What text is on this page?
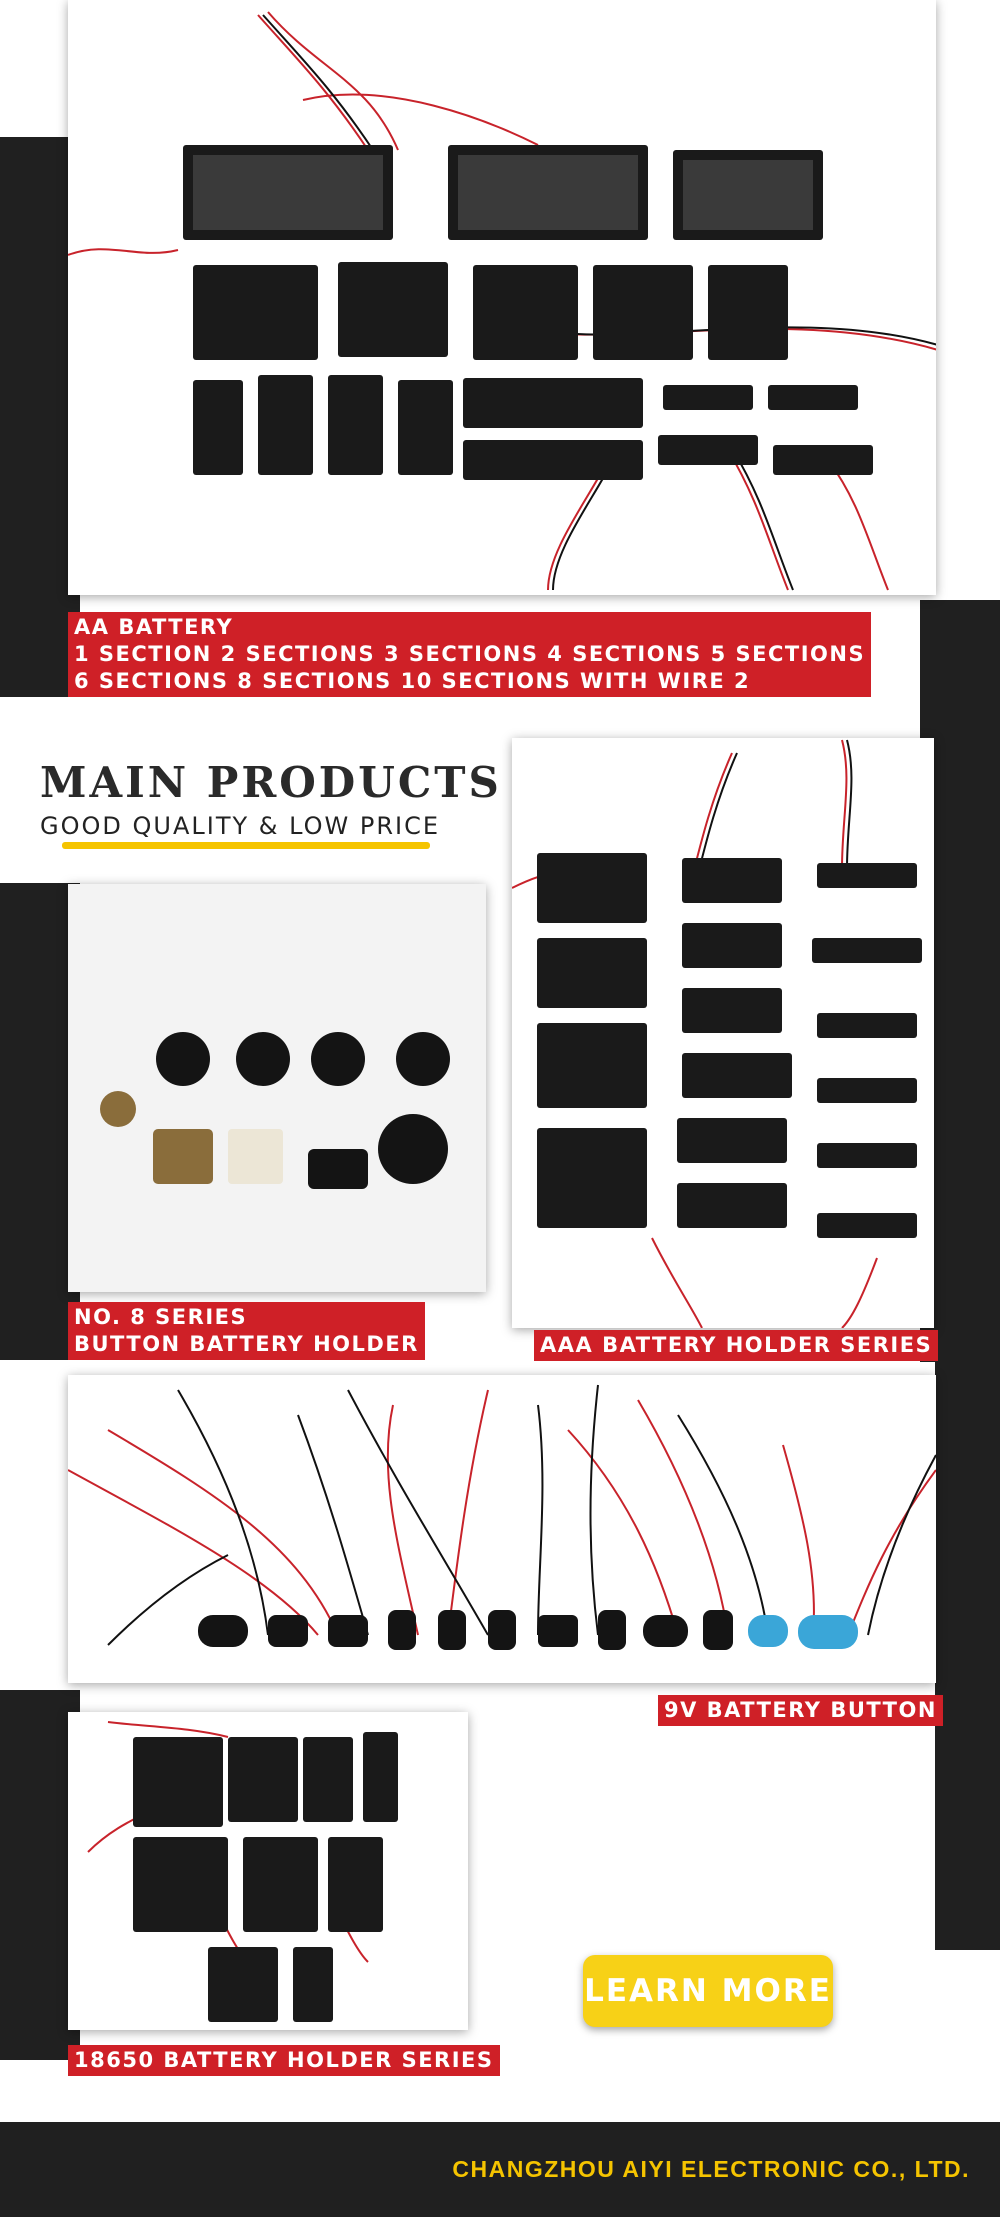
AA BATTERY
1 SECTION 2 SECTIONS 3 SECTIONS 4 SECTIONS 5 SECTIONS
6 SECTIONS 8 SECTIONS 10 SECTIONS WITH WIRE 2
MAIN PRODUCTS
GOOD QUALITY & LOW PRICE
NO. 8 SERIES
BUTTON BATTERY HOLDER	AAA BATTERY HOLDER SERIES
9V BATTERY BUTTON
18650 BATTERY HOLDER SERIES
LEARN MORE
CHANGZHOU AIYI ELECTRONIC CO., LTD.
